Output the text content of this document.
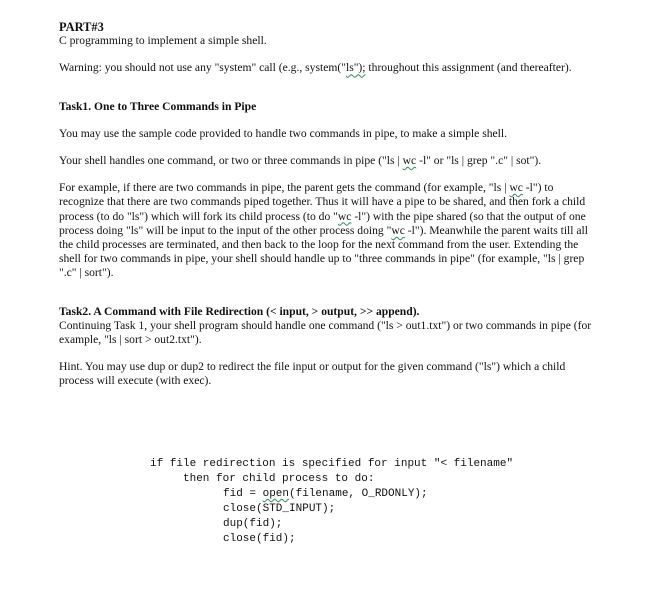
PART#3

C programming to implement a simple shell.

Warning: you should not use any "system" call (e.g., system("ls"); throughout this assignment (and thereafter).

Task1. One to Three Commands in Pipe

You may use the sample code provided to handle two commands in pipe, to make a simple shell.

Your shell handles one command, or two or three commands in pipe ("ls | wc -l" or "ls | grep ".c" | sot").

For example, if there are two commands in pipe, the parent gets the command (for example, "ls | wc -l") to recognize that there are two commands piped together. Thus it will have a pipe to be shared, and then fork a child process (to do "ls") which will fork its child process (to do "wc -l") with the pipe shared (so that the output of one process doing "ls" will be input to the input of the other process doing "wc -l"). Meanwhile the parent waits till all the child processes are terminated, and then back to the loop for the next command from the user. Extending the shell for two commands in pipe, your shell should handle up to "three commands in pipe" (for example, "ls | grep ".c" | sort").

Task2. A Command with File Redirection (< input, > output, >> append).

Continuing Task 1, your shell program should handle one command ("ls > out1.txt") or two commands in pipe (for example, "ls | sort > out2.txt").

Hint. You may use dup or dup2 to redirect the file input or output for the given command ("ls") which a child process will execute (with exec).

if file redirection is specified for input "< filename"
then for child process to do:
fid = open(filename, O_RDONLY);
close(STD_INPUT);
dup(fid);
close(fid);
